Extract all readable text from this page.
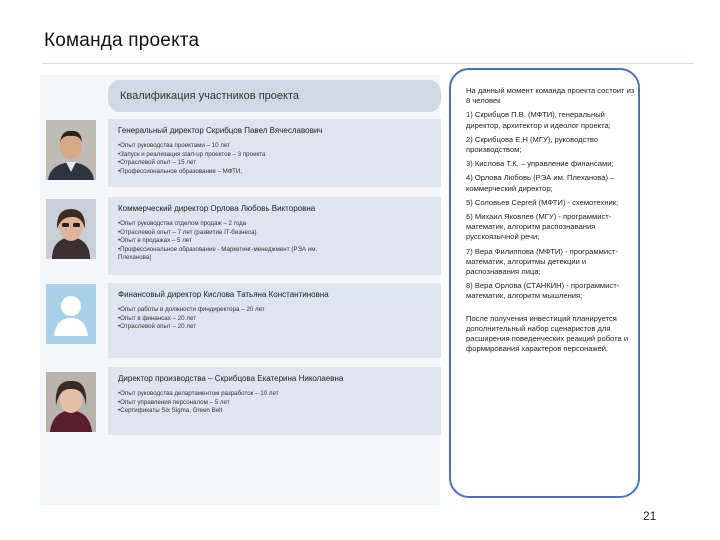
Команда проекта
Квалификация участников проекта
Генеральный директор Скрибцов Павел Вячеславович
•Опыт руководства проектами – 10 лет
•Запуск и реализация start-up проектов – 3 проекта
•Отраслевой опыт – 15 лет
•Профессиональное образование – МФТИ,
Коммерческий директор Орлова Любовь Викторовна
•Опыт руководства отделом продаж – 2 года
•Отраслевой опыт – 7 лет (развитие IT-бизнеса)
•Опыт в продажах – 5 лет
•Профессиональное образование - Маркетинг-менеджмент (РЭА им.
Плеханова)
Финансовый директор Кислова Татьяна Константиновна
•Опыт работы в должности финдиректора – 20 лет
•Опыт в финансах – 20 лет
•Отраслевой опыт – 20 лет
Директор производства – Скрибцова Екатерина Николаевна
•Опыт руководства департаментом разработок – 10 лет
•Опыт управления персоналом – 5 лет
•Сертификаты Six Sigma, Green Belt

На данный момент команда проекта состоит из 8 человек

1) Скрибцов П.В. (МФТИ), генеральный директор, архитектор и идеолог проекта;

2) Скрибцова Е.Н (МГУ), руководство производством;

3) Кислова Т.К. – управление финансами;

4) Орлова Любовь (РЭА им. Плеханова) – коммерческий директор;

5) Соловьев Сергей (МФТИ) - схемотехник;

6) Михаил Яковлев (МГУ) - программист-математик, алгоритм распознавания русскоязычной речи;

7) Вера Филиппова (МФТИ) - программист-математик, алгоритмы детекции и распознавания лица;

8) Вера Орлова (СТАНКИН) - программист-математик, алгоритм мышления;

После получения инвестиций планируется дополнительный набор сценаристов для расширения поведенческих реакций робота и формирования характеров персонажей.

21
